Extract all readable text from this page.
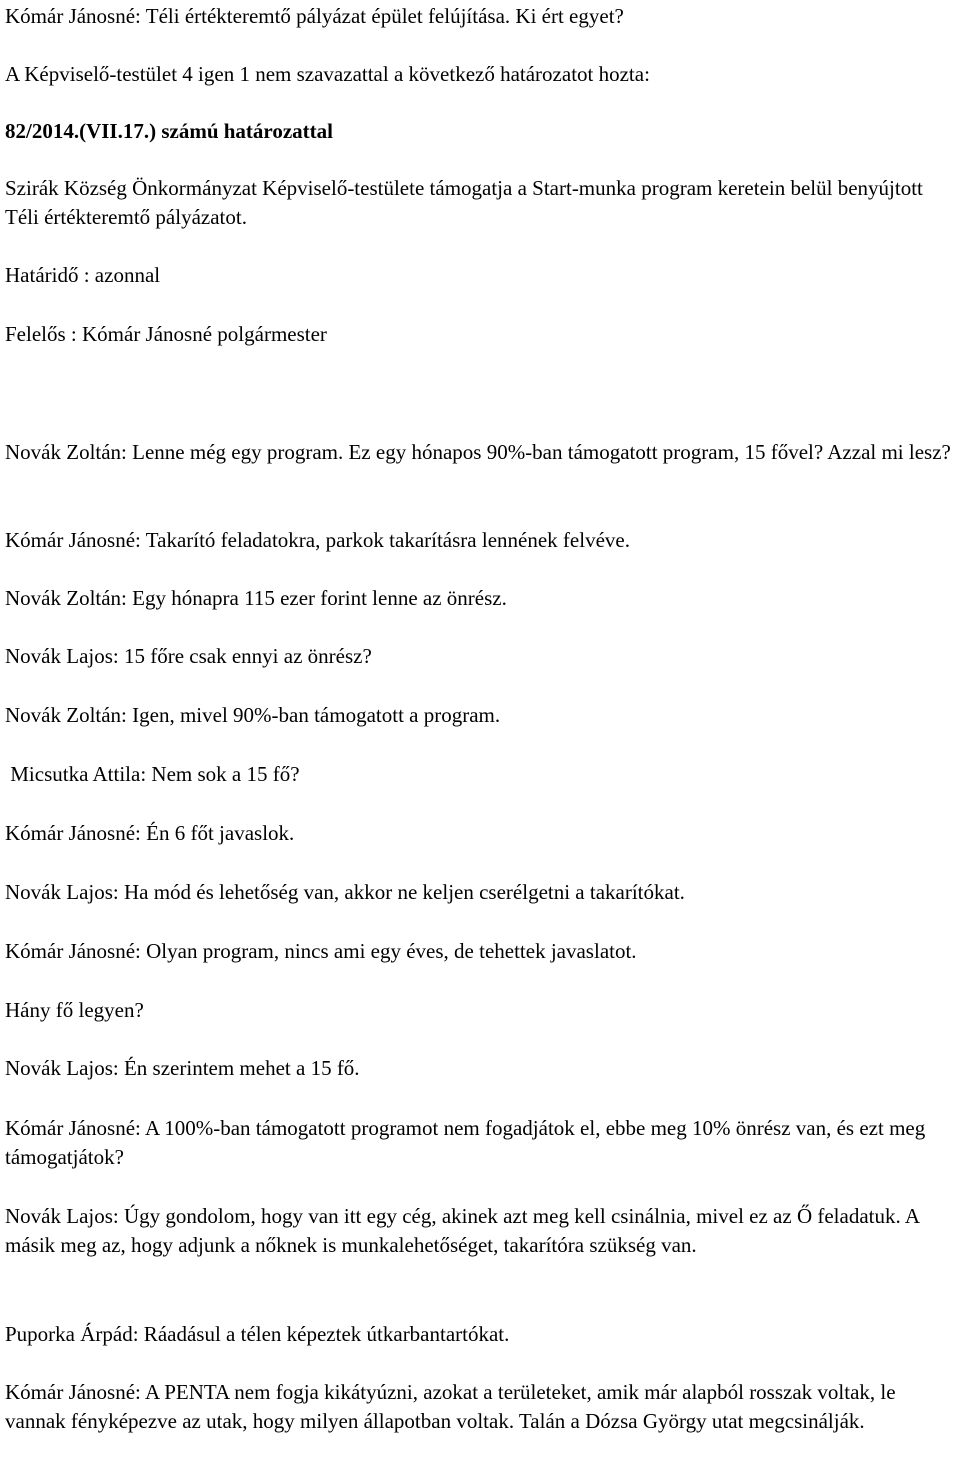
Kómár Jánosné: Téli értékteremtő pályázat épület felújítása. Ki ért egyet?

A Képviselő-testület 4 igen 1 nem szavazattal a következő határozatot hozta:

82/2014.(VII.17.) számú határozattal

Szirák Község Önkormányzat Képviselő-testülete támogatja a Start-munka program keretein belül benyújtott Téli értékteremtő pályázatot.

Határidő : azonnal

Felelős : Kómár Jánosné polgármester

Novák Zoltán: Lenne még egy program. Ez egy hónapos 90%-ban támogatott program, 15 fővel? Azzal mi lesz?

Kómár Jánosné: Takarító feladatokra, parkok takarításra lennének felvéve.

Novák Zoltán: Egy hónapra 115 ezer forint lenne az önrész.

Novák Lajos: 15 főre csak ennyi az önrész?

Novák Zoltán: Igen, mivel 90%-ban támogatott a program.

Micsutka Attila: Nem sok a 15 fő?

Kómár Jánosné: Én 6 főt javaslok.

Novák Lajos: Ha mód és lehetőség van, akkor ne keljen cserélgetni a takarítókat.

Kómár Jánosné: Olyan program, nincs ami egy éves, de tehettek javaslatot.

Hány fő legyen?

Novák Lajos: Én szerintem mehet a 15 fő.

Kómár Jánosné: A 100%-ban támogatott programot nem fogadjátok el, ebbe meg 10% önrész van, és ezt meg támogatjátok?

Novák Lajos: Úgy gondolom, hogy van itt egy cég, akinek azt meg kell csinálnia, mivel ez az Ő feladatuk. A másik meg az, hogy adjunk a nőknek is munkalehetőséget, takarítóra szükség van.

Puporka Árpád: Ráadásul a télen képeztek útkarbantartókat.

Kómár Jánosné: A PENTA nem fogja kikátyúzni, azokat a területeket, amik már alapból rosszak voltak, le vannak fényképezve az utak, hogy milyen állapotban voltak. Talán a Dózsa György utat megcsinálják.
